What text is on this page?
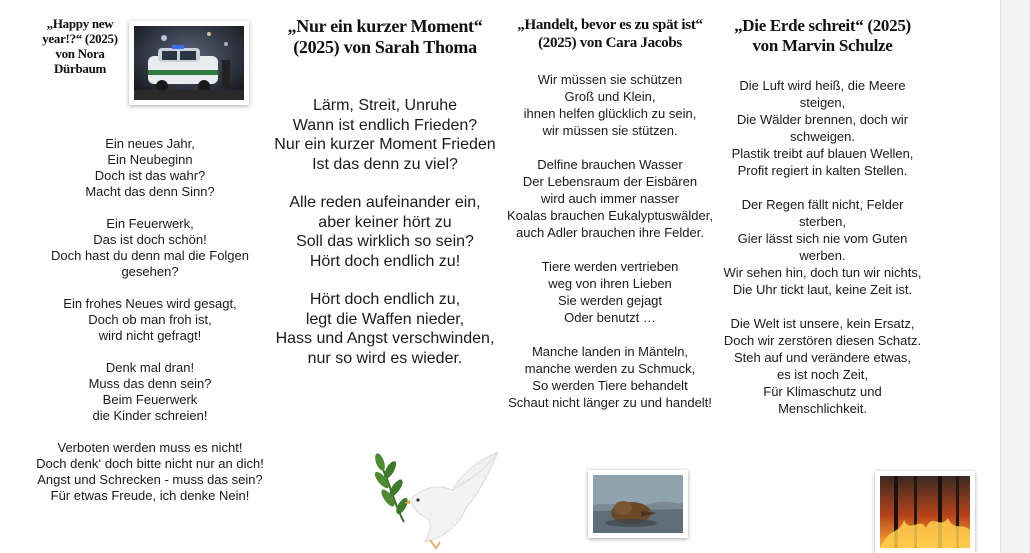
„Happy new year!?“ (2025) von Nora Dürbaum
Ein neues Jahr,
Ein Neubeginn
Doch ist das wahr?
Macht das denn Sinn?
Ein Feuerwerk,
Das ist doch schön!
Doch hast du denn mal die Folgen gesehen?
Ein frohes Neues wird gesagt,
Doch ob man froh ist,
wird nicht gefragt!
Denk mal dran!
Muss das denn sein?
Beim Feuerwerk
die Kinder schreien!
Verboten werden muss es nicht!
Doch denk‘ doch bitte nicht nur an dich!
Angst und Schrecken - muss das sein?
Für etwas Freude, ich denke Nein!
„Nur ein kurzer Moment“ (2025) von Sarah Thoma
Lärm, Streit, Unruhe
Wann ist endlich Frieden?
Nur ein kurzer Moment Frieden
Ist das denn zu viel?
Alle reden aufeinander ein,
aber keiner hört zu
Soll das wirklich so sein?
Hört doch endlich zu!
Hört doch endlich zu,
legt die Waffen nieder,
Hass und Angst verschwinden,
nur so wird es wieder.
„Handelt, bevor es zu spät ist“ (2025) von Cara Jacobs
Wir müssen sie schützen
Groß und Klein,
ihnen helfen glücklich zu sein,
wir müssen sie stützen.
Delfine brauchen Wasser
Der Lebensraum der Eisbären
wird auch immer nasser
Koalas brauchen Eukalyptuswälder,
auch Adler brauchen ihre Felder.
Tiere werden vertrieben
weg von ihren Lieben
Sie werden gejagt
Oder benutzt …
Manche landen in Mänteln,
manche werden zu Schmuck,
So werden Tiere behandelt
Schaut nicht länger zu und handelt!
„Die Erde schreit“ (2025) von Marvin Schulze
Die Luft wird heiß, die Meere steigen,
Die Wälder brennen, doch wir schweigen.
Plastik treibt auf blauen Wellen,
Profit regiert in kalten Stellen.
Der Regen fällt nicht, Felder sterben,
Gier lässt sich nie vom Guten werben.
Wir sehen hin, doch tun wir nichts,
Die Uhr tickt laut, keine Zeit ist.
Die Welt ist unsere, kein Ersatz,
Doch wir zerstören diesen Schatz.
Steh auf und verändere etwas,
es ist noch Zeit,
Für Klimaschutz und Menschlichkeit.
